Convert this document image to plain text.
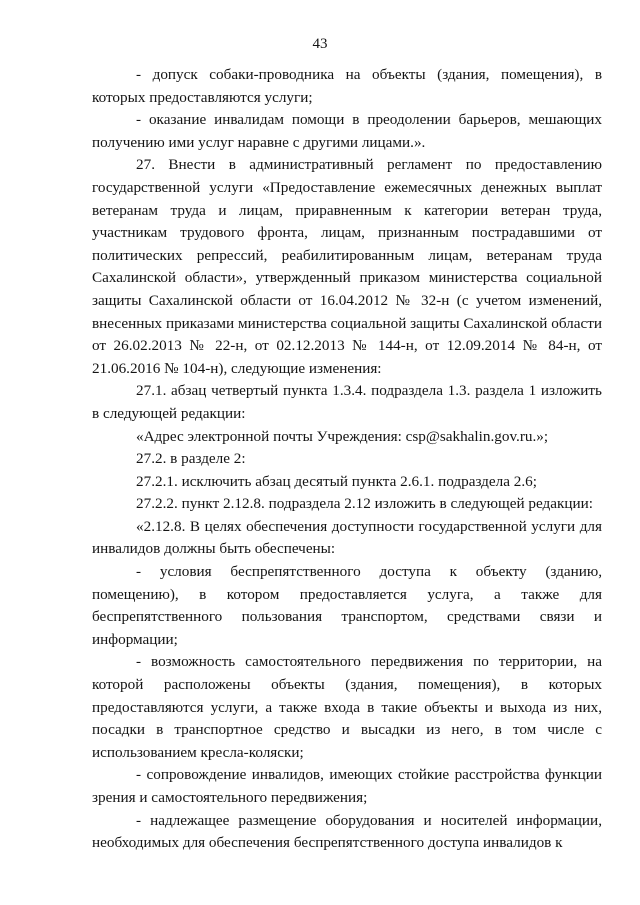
43

- допуск собаки-проводника на объекты (здания, помещения), в которых предоставляются услуги;

- оказание инвалидам помощи в преодолении барьеров, мешающих получению ими услуг наравне с другими лицами.».

27. Внести в административный регламент по предоставлению государственной услуги «Предоставление ежемесячных денежных выплат ветеранам труда и лицам, приравненным к категории ветеран труда, участникам трудового фронта, лицам, признанным пострадавшими от политических репрессий, реабилитированным лицам, ветеранам труда Сахалинской области», утвержденный приказом министерства социальной защиты Сахалинской области от 16.04.2012 № 32-н (с учетом изменений, внесенных приказами министерства социальной защиты Сахалинской области от 26.02.2013 № 22-н, от 02.12.2013 № 144-н, от 12.09.2014 № 84-н, от 21.06.2016 № 104-н), следующие изменения:

27.1. абзац четвертый пункта 1.3.4. подраздела 1.3. раздела 1 изложить в следующей редакции:

«Адрес электронной почты Учреждения: csp@sakhalin.gov.ru.»;

27.2. в разделе 2:

27.2.1. исключить абзац десятый пункта 2.6.1. подраздела 2.6;

27.2.2. пункт 2.12.8. подраздела 2.12 изложить в следующей редакции:

«2.12.8. В целях обеспечения доступности государственной услуги для инвалидов должны быть обеспечены:

- условия беспрепятственного доступа к объекту (зданию, помещению), в котором предоставляется услуга, а также для беспрепятственного пользования транспортом, средствами связи и информации;

- возможность самостоятельного передвижения по территории, на которой расположены объекты (здания, помещения), в которых предоставляются услуги, а также входа в такие объекты и выхода из них, посадки в транспортное средство и высадки из него, в том числе с использованием кресла-коляски;

- сопровождение инвалидов, имеющих стойкие расстройства функции зрения и самостоятельного передвижения;

- надлежащее размещение оборудования и носителей информации, необходимых для обеспечения беспрепятственного доступа инвалидов к
